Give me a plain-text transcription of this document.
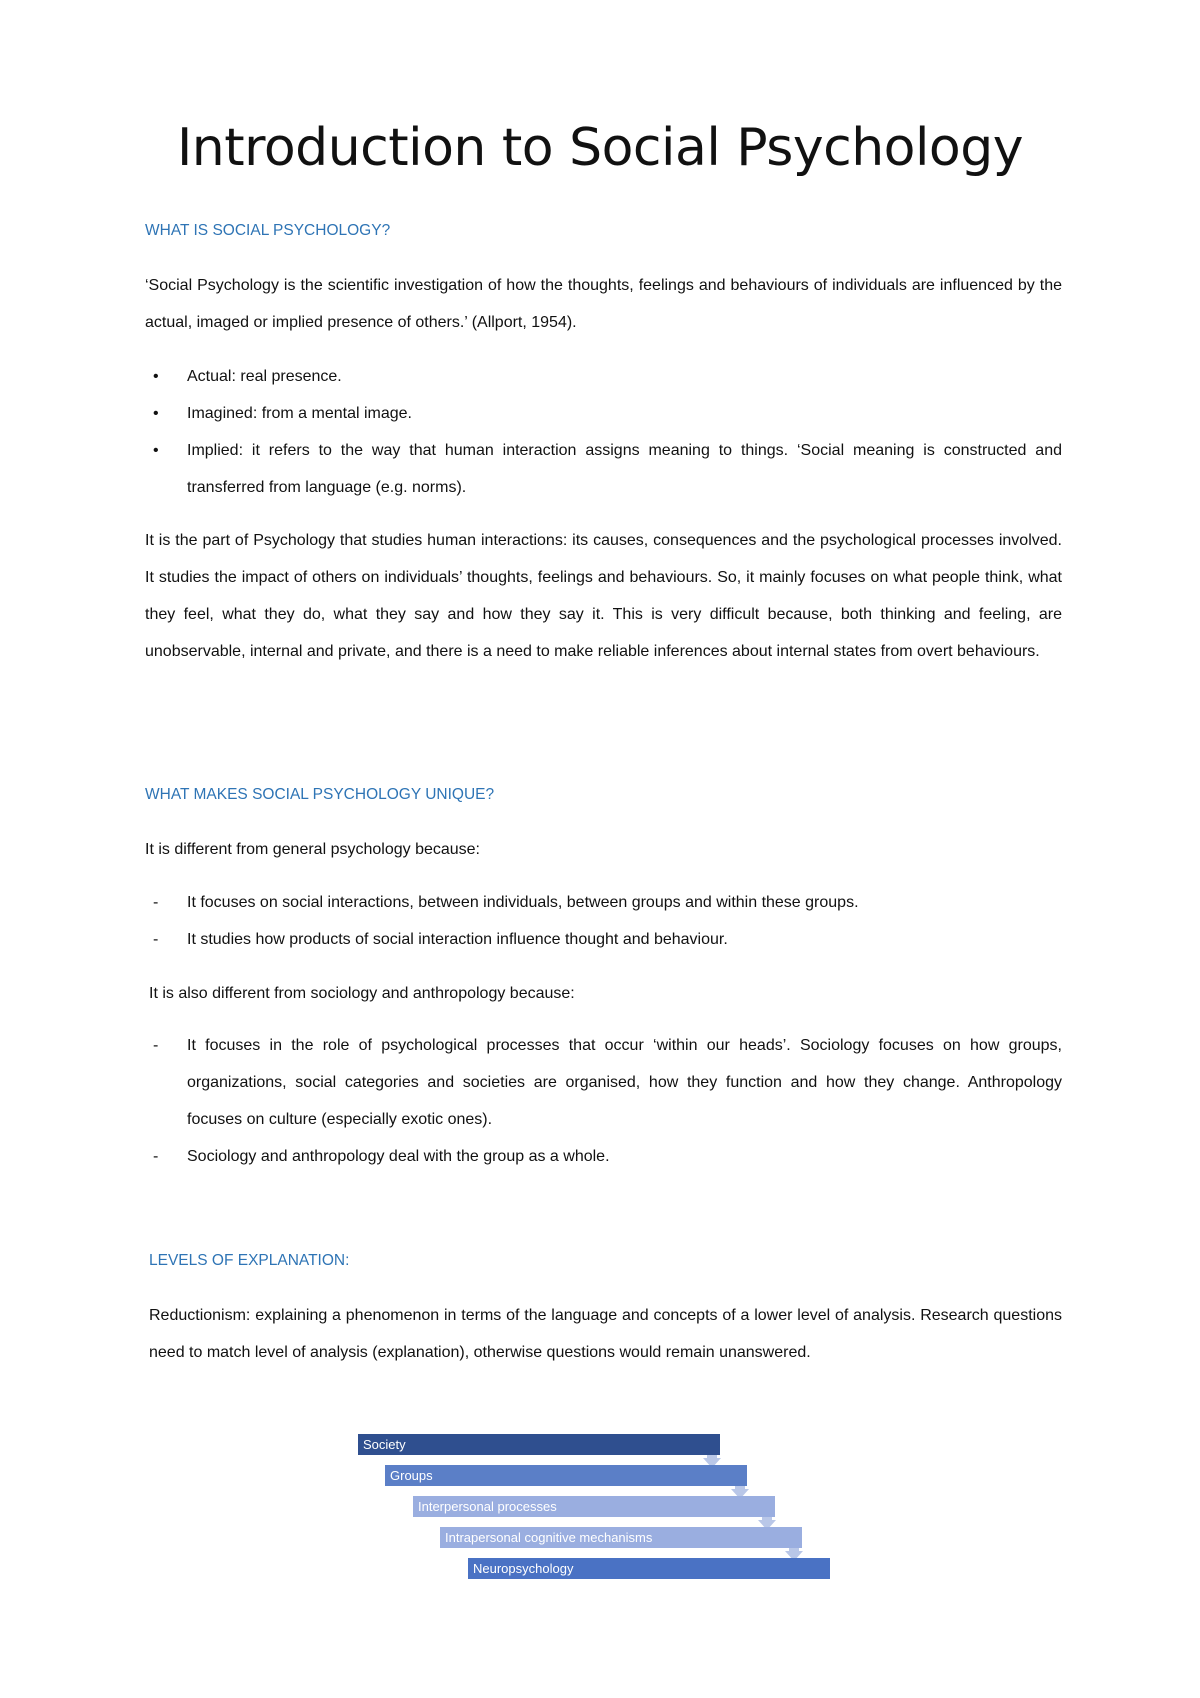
Introduction to Social Psychology
WHAT IS SOCIAL PSYCHOLOGY?

‘Social Psychology is the scientific investigation of how the thoughts, feelings and behaviours of individuals are influenced by the actual, imaged or implied presence of others.’ (Allport, 1954).

• Actual: real presence.
• Imagined: from a mental image.
• Implied: it refers to the way that human interaction assigns meaning to things. ‘Social meaning is constructed and transferred from language (e.g. norms).

It is the part of Psychology that studies human interactions: its causes, consequences and the psychological processes involved. It studies the impact of others on individuals’ thoughts, feelings and behaviours. So, it mainly focuses on what people think, what they feel, what they do, what they say and how they say it. This is very difficult because, both thinking and feeling, are unobservable, internal and private, and there is a need to make reliable inferences about internal states from overt behaviours.

WHAT MAKES SOCIAL PSYCHOLOGY UNIQUE?

It is different from general psychology because:

- It focuses on social interactions, between individuals, between groups and within these groups.
- It studies how products of social interaction influence thought and behaviour.

It is also different from sociology and anthropology because:

- It focuses in the role of psychological processes that occur ‘within our heads’. Sociology focuses on how groups, organizations, social categories and societies are organised, how they function and how they change. Anthropology focuses on culture (especially exotic ones).
- Sociology and anthropology deal with the group as a whole.
LEVELS OF EXPLANATION:

Reductionism: explaining a phenomenon in terms of the language and concepts of a lower level of analysis. Research questions need to match level of analysis (explanation), otherwise questions would remain unanswered.

Society
Groups
Interpersonal processes
Intrapersonal cognitive mechanisms
Neuropsychology
